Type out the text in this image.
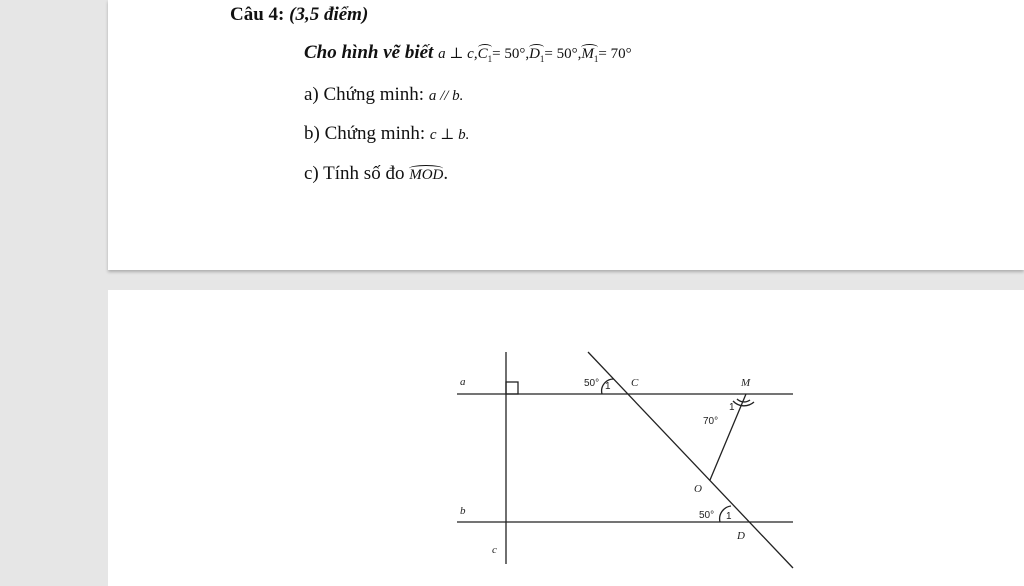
Câu 4: (3,5 điểm)
Cho hình vẽ biết a ⊥ $c,C_1= 50^\circ,D_1= 50^\circ,M_1= 70^\circ$
a) Chứng minh: a // b.
b) Chứng minh: c ⊥ b.
c) Tính số đo MOD.
a
b
c
C	M
O
D
50° 1
70°
1
50° 1
